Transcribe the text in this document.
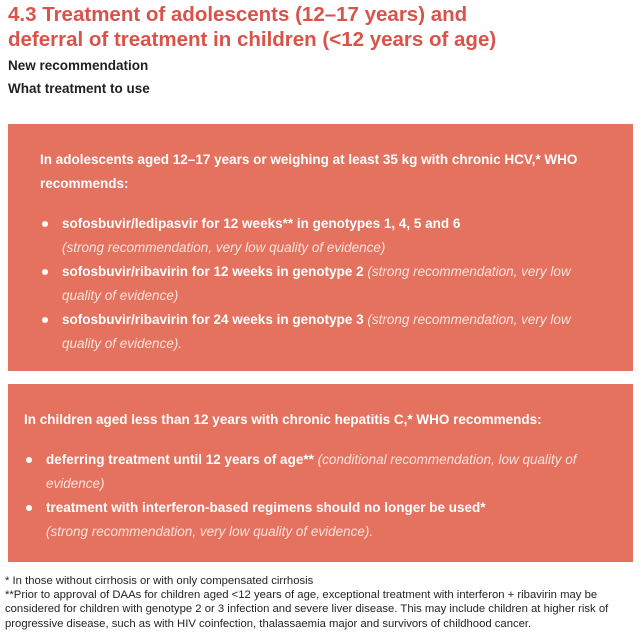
4.3 Treatment of adolescents (12–17 years) and
deferral of treatment in children (<12 years of age)
New recommendation
What treatment to use

In adolescents aged 12–17 years or weighing at least 35 kg with chronic HCV,* WHO recommends:

sofosbuvir/ledipasvir for 12 weeks** in genotypes 1, 4, 5 and 6
(strong recommendation, very low quality of evidence)
sofosbuvir/ribavirin for 12 weeks in genotype 2 (strong recommendation, very low quality of evidence)
sofosbuvir/ribavirin for 24 weeks in genotype 3 (strong recommendation, very low quality of evidence).

In children aged less than 12 years with chronic hepatitis C,* WHO recommends:

deferring treatment until 12 years of age** (conditional recommendation, low quality of evidence)
treatment with interferon-based regimens should no longer be used*
(strong recommendation, very low quality of evidence).
* In those without cirrhosis or with only compensated cirrhosis
**Prior to approval of DAAs for children aged <12 years of age, exceptional treatment with interferon + ribavirin may be considered for children with genotype 2 or 3 infection and severe liver disease. This may include children at higher risk of progressive disease, such as with HIV coinfection, thalassaemia major and survivors of childhood cancer.
